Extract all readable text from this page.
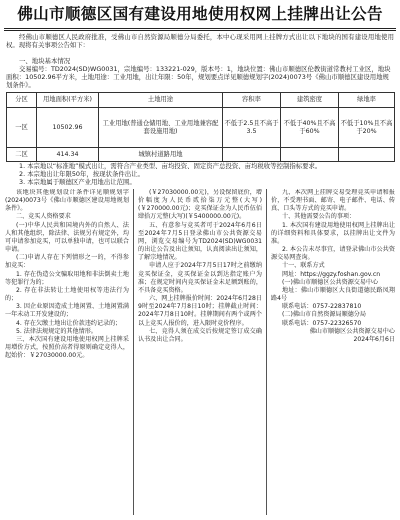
佛山市顺德区国有建设用地使用权网上挂牌出让公告

经佛山市顺德区人民政府批准，受佛山市自然资源局顺德分局委托，本中心现采用网上挂牌方式出让以下地块的国有建设用地使用权。现将有关事项公告如下：

一、地块基本情况
交易编号：TD2024(SD)WG0031，宗地编号：133221-029，版本号：1，地块位置：佛山市顺德区伦教街道常教村工业区，地块面积：10502.96平方米，土地用途：工业用地，出让年限：50年，规划要点详见顺德规划字(2024)0073号《佛山市顺德区建设用地规划条件》。
分区	用地面积(平方米)	土地用途	容积率	建筑密度	绿地率
一区	10502.96	工业用地(普通仓储用地、工业用地兼容配套设施用地)	不低于2.5且不高于3.5	不低于40%且不高于60%	不低于10%且不高于20%
二区	414.34	城镇村道路用地			
1. 本宗地以“标准地”模式出让，需符合产业类型、亩均投资、固定资产总投资、亩均税收等控制指标要求。
2. 本宗地出让年限50年，按现状条件出让。
3. 本宗地属于顺德区产业用地出让范围。
该地块其他规划设计条件详见顺规划字(2024)0073号《佛山市顺德区建设用地规划条件》。
二、竞买人资格要求
(一)中华人民共和国境内外的自然人、法人和其他组织，除法律、法规另有规定外，均可申请参加竞买，可以单独申请，也可以联合申请。
(二)申请人存在下列情形之一的，不得参加竞买：
1. 存在伪造公文骗取用地和非法倒卖土地等犯罪行为的；
2. 存在非法转让土地使用权等违法行为的；
3. 因企业原因造成土地闲置、土地闲置满一年未动工开发建设的；
4. 存在欠缴土地出让价款违约记录的；
5. 法律法规规定的其他情形。
三、本次国有建设用地使用权网上挂牌采用增价方式，按照价高者得原则确定竞得人，起始价：￥27030000.00元。
(￥27030000.00元)，另设保留底价，增价幅度为人民币贰拾柒万元整(大写)(￥270000.00元)；竞买保证金为人民币伍佰肆拾万元整(大写)(￥5400000.00元)。
五、有意参与竞买者可于2024年6月6日至2024年7月5日登录佛山市公共资源交易网，浏览交易编号为TD2024(SD)WG0031的出让公告及出让须知，认真阅读出让须知，了解宗地情况。
申请人应于2024年7月5日17时之前缴纳竞买保证金，竞买保证金以到达指定账户为准；在规定时间内竞买保证金未足额到账的，不具备竞买资格。
六、网上挂牌报价时间：2024年6月28日9时至2024年7月8日10时；挂牌截止时间：2024年7月8日10时。挂牌期间有两个或两个以上竞买人报价的，进入限时竞价程序。
七、竞得人须在成交后按规定签订成交确认书及出让合同。
九、本次网上挂牌交易受理竞买申请和报价，不受理书面、邮寄、电子邮件、电话、传真、口头等方式的竞买申请。
十、其他需要公告的事项：
1. 本次国有建设用地使用权网上挂牌出让的详细资料和具体要求，以挂牌出让文件为准。
2. 本公告未尽事宜，请登录佛山市公共资源交易网查询。
十一、联系方式
网址：https://ggzy.foshan.gov.cn
(一)佛山市顺德区公共资源交易中心
地址：佛山市顺德区大良街道德民路凤翔路4号
联系电话：0757-22837810
(二)佛山市自然资源局顺德分局
联系电话：0757-22326570
佛山市顺德区公共资源交易中心
2024年6月6日
